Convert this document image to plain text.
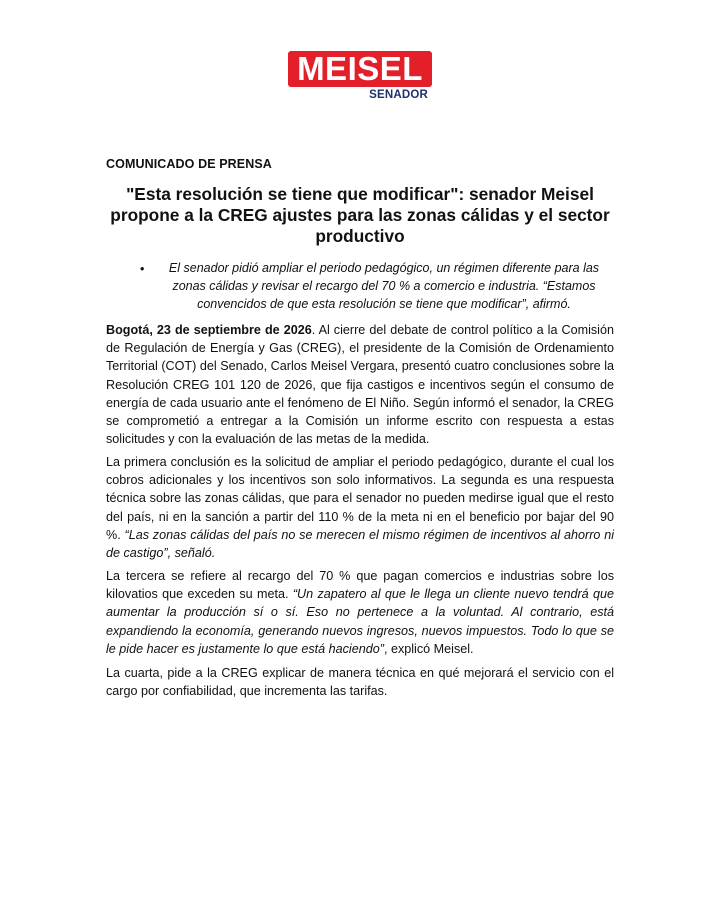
MEISEL
SENADOR
COMUNICADO DE PRENSA
"Esta resolución se tiene que modificar": senador Meisel propone a la CREG ajustes para las zonas cálidas y el sector productivo
•	El senador pidió ampliar el periodo pedagógico, un régimen diferente para las zonas cálidas y revisar el recargo del 70 % a comercio e industria. “Estamos convencidos de que esta resolución se tiene que modificar”, afirmó.

Bogotá, 23 de septiembre de 2026. Al cierre del debate de control político a la Comisión de Regulación de Energía y Gas (CREG), el presidente de la Comisión de Ordenamiento Territorial (COT) del Senado, Carlos Meisel Vergara, presentó cuatro conclusiones sobre la Resolución CREG 101 120 de 2026, que fija castigos e incentivos según el consumo de energía de cada usuario ante el fenómeno de El Niño. Según informó el senador, la CREG se comprometió a entregar a la Comisión un informe escrito con respuesta a estas solicitudes y con la evaluación de las metas de la medida.

La primera conclusión es la solicitud de ampliar el periodo pedagógico, durante el cual los cobros adicionales y los incentivos son solo informativos. La segunda es una respuesta técnica sobre las zonas cálidas, que para el senador no pueden medirse igual que el resto del país, ni en la sanción a partir del 110 % de la meta ni en el beneficio por bajar del 90 %. “Las zonas cálidas del país no se merecen el mismo régimen de incentivos al ahorro ni de castigo”, señaló.

La tercera se refiere al recargo del 70 % que pagan comercios e industrias sobre los kilovatios que exceden su meta. “Un zapatero al que le llega un cliente nuevo tendrá que aumentar la producción sí o sí. Eso no pertenece a la voluntad. Al contrario, está expandiendo la economía, generando nuevos ingresos, nuevos impuestos. Todo lo que se le pide hacer es justamente lo que está haciendo”, explicó Meisel.

La cuarta, pide a la CREG explicar de manera técnica en qué mejorará el servicio con el cargo por confiabilidad, que incrementa las tarifas.
